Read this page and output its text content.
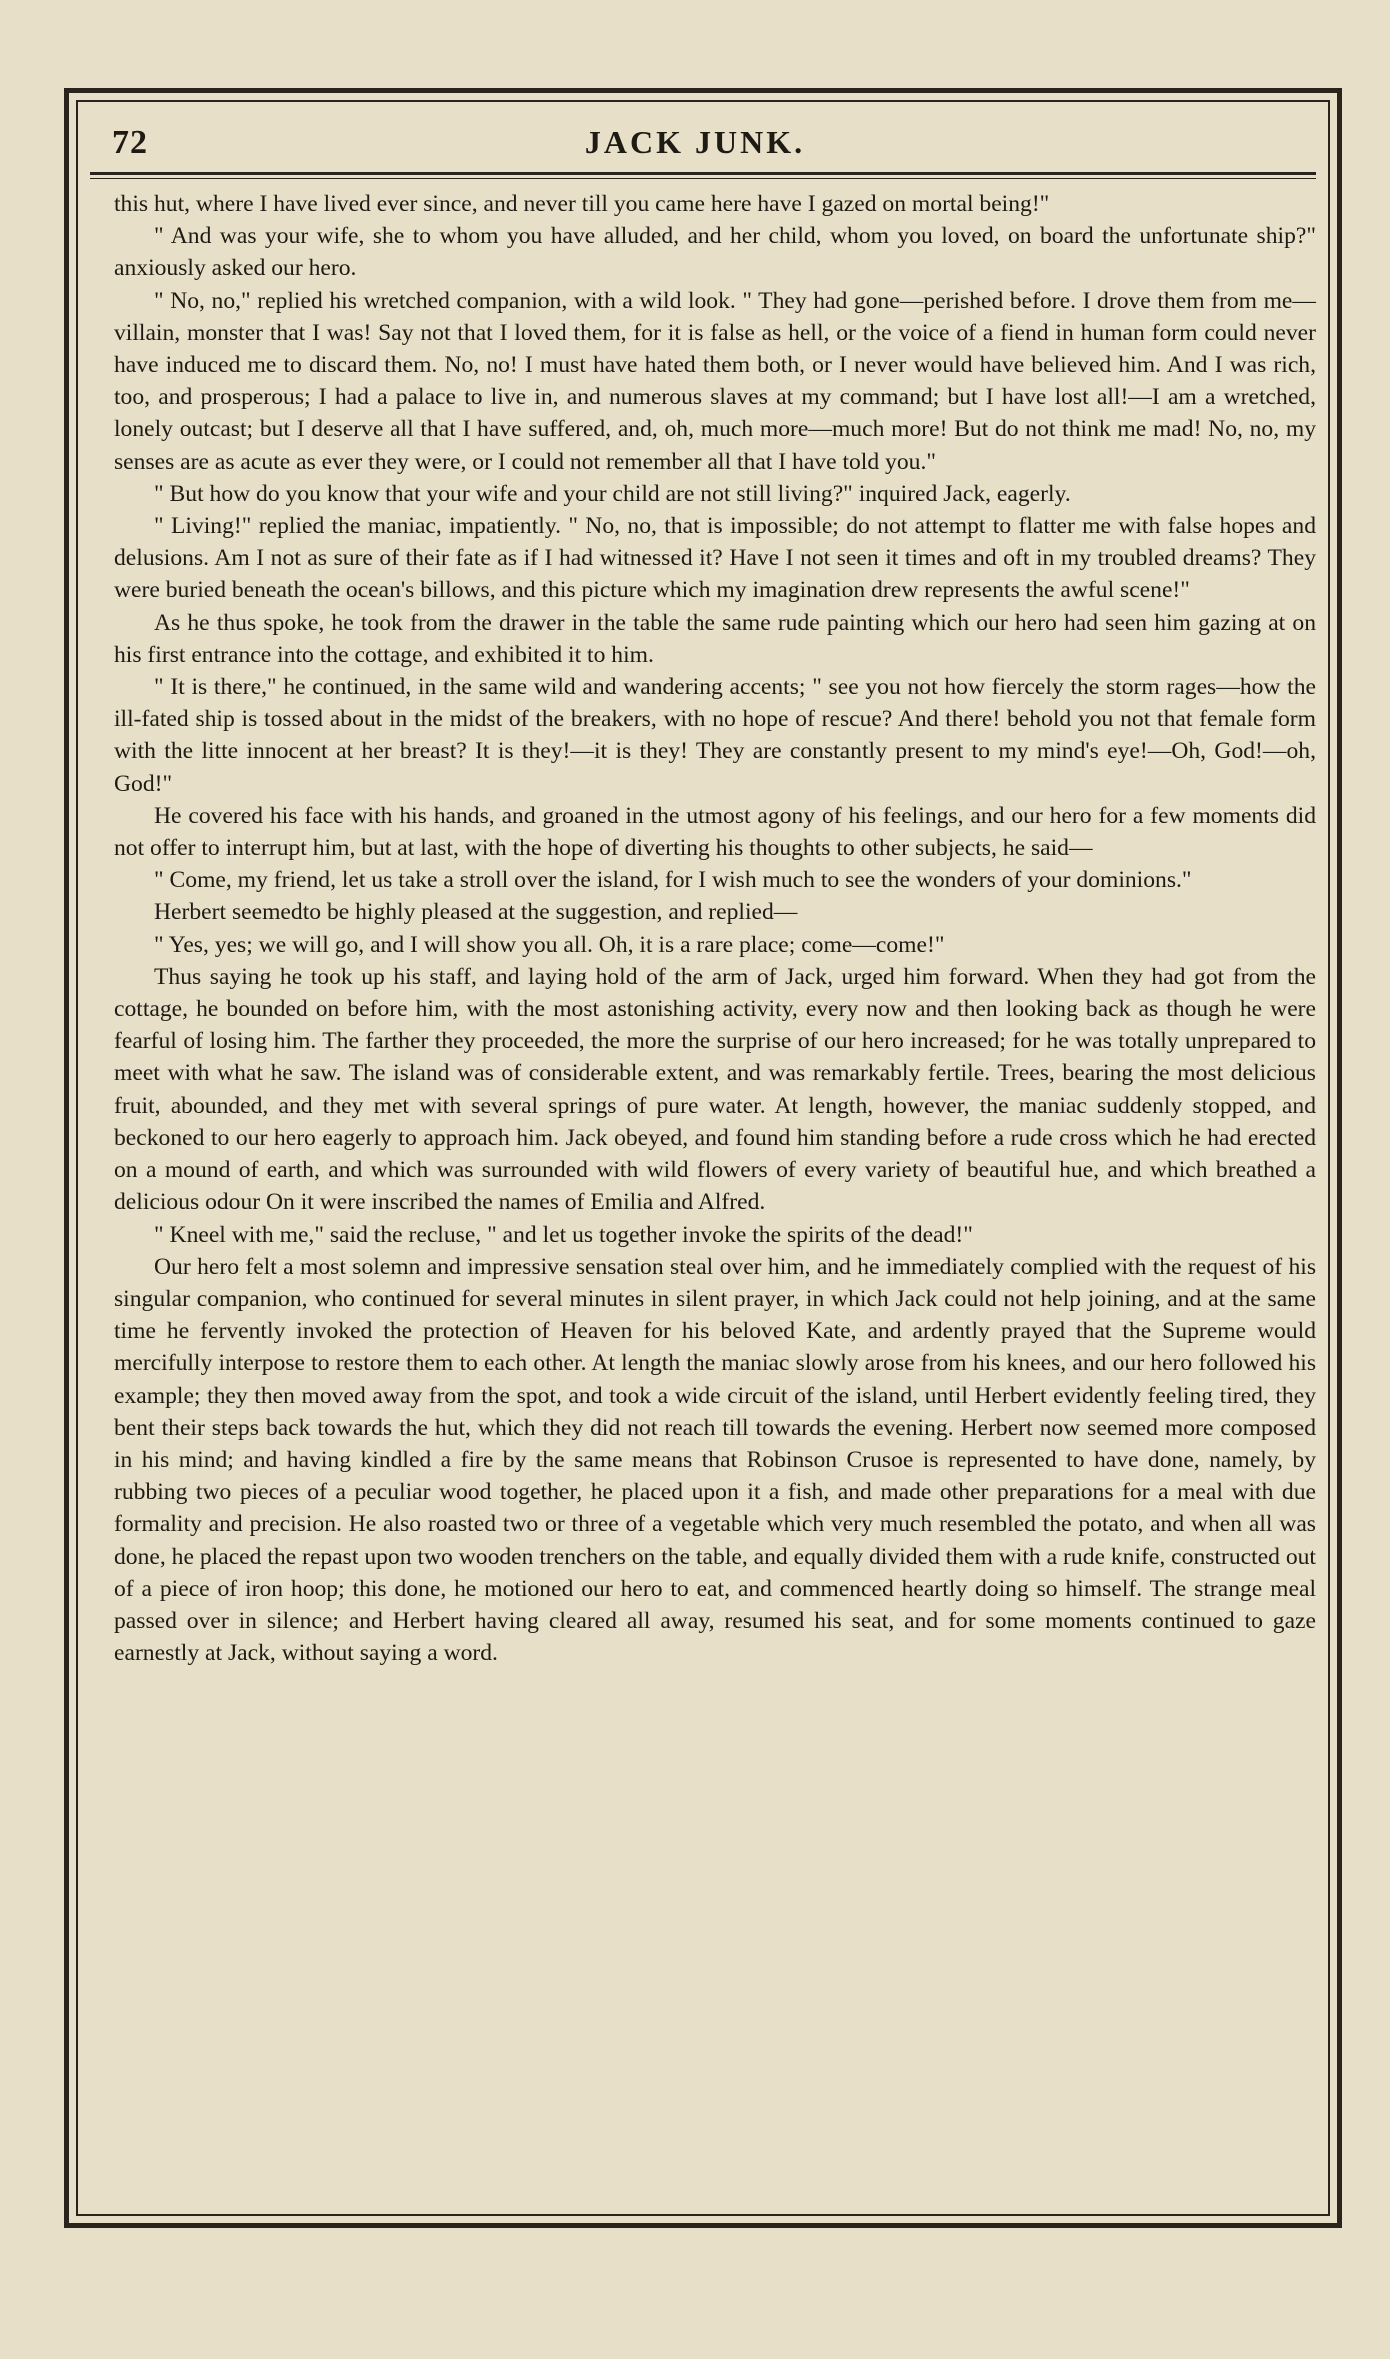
72	JACK JUNK.

this hut, where I have lived ever since, and never till you came here have I gazed on mortal being!"

" And was your wife, she to whom you have alluded, and her child, whom you loved, on board the unfortunate ship?" anxiously asked our hero.

" No, no," replied his wretched companion, with a wild look. " They had gone—perished before. I drove them from me—villain, monster that I was! Say not that I loved them, for it is false as hell, or the voice of a fiend in human form could never have induced me to discard them. No, no! I must have hated them both, or I never would have believed him. And I was rich, too, and prosperous; I had a palace to live in, and numerous slaves at my command; but I have lost all!—I am a wretched, lonely outcast; but I deserve all that I have suffered, and, oh, much more—much more! But do not think me mad! No, no, my senses are as acute as ever they were, or I could not remember all that I have told you."

" But how do you know that your wife and your child are not still living?" inquired Jack, eagerly.

" Living!" replied the maniac, impatiently. " No, no, that is impossible; do not attempt to flatter me with false hopes and delusions. Am I not as sure of their fate as if I had witnessed it? Have I not seen it times and oft in my troubled dreams? They were buried beneath the ocean's billows, and this picture which my imagination drew represents the awful scene!"

As he thus spoke, he took from the drawer in the table the same rude painting which our hero had seen him gazing at on his first entrance into the cottage, and exhibited it to him.

" It is there," he continued, in the same wild and wandering accents; " see you not how fiercely the storm rages—how the ill-fated ship is tossed about in the midst of the breakers, with no hope of rescue? And there! behold you not that female form with the litte innocent at her breast? It is they!—it is they! They are constantly present to my mind's eye!—Oh, God!—oh, God!"

He covered his face with his hands, and groaned in the utmost agony of his feelings, and our hero for a few moments did not offer to interrupt him, but at last, with the hope of diverting his thoughts to other subjects, he said—

" Come, my friend, let us take a stroll over the island, for I wish much to see the wonders of your dominions."

Herbert seemedto be highly pleased at the suggestion, and replied—

" Yes, yes; we will go, and I will show you all. Oh, it is a rare place; come—come!"

Thus saying he took up his staff, and laying hold of the arm of Jack, urged him forward. When they had got from the cottage, he bounded on before him, with the most astonishing activity, every now and then looking back as though he were fearful of losing him. The farther they proceeded, the more the surprise of our hero increased; for he was totally unprepared to meet with what he saw. The island was of considerable extent, and was remarkably fertile. Trees, bearing the most delicious fruit, abounded, and they met with several springs of pure water. At length, however, the maniac suddenly stopped, and beckoned to our hero eagerly to approach him. Jack obeyed, and found him standing before a rude cross which he had erected on a mound of earth, and which was surrounded with wild flowers of every variety of beautiful hue, and which breathed a delicious odour On it were inscribed the names of Emilia and Alfred.

" Kneel with me," said the recluse, " and let us together invoke the spirits of the dead!"

Our hero felt a most solemn and impressive sensation steal over him, and he immediately complied with the request of his singular companion, who continued for several minutes in silent prayer, in which Jack could not help joining, and at the same time he fervently invoked the protection of Heaven for his beloved Kate, and ardently prayed that the Supreme would mercifully interpose to restore them to each other. At length the maniac slowly arose from his knees, and our hero followed his example; they then moved away from the spot, and took a wide circuit of the island, until Herbert evidently feeling tired, they bent their steps back towards the hut, which they did not reach till towards the evening. Herbert now seemed more composed in his mind; and having kindled a fire by the same means that Robinson Crusoe is represented to have done, namely, by rubbing two pieces of a peculiar wood together, he placed upon it a fish, and made other preparations for a meal with due formality and precision. He also roasted two or three of a vegetable which very much resembled the potato, and when all was done, he placed the repast upon two wooden trenchers on the table, and equally divided them with a rude knife, constructed out of a piece of iron hoop; this done, he motioned our hero to eat, and commenced heartly doing so himself. The strange meal passed over in silence; and Herbert having cleared all away, resumed his seat, and for some moments continued to gaze earnestly at Jack, without saying a word.
